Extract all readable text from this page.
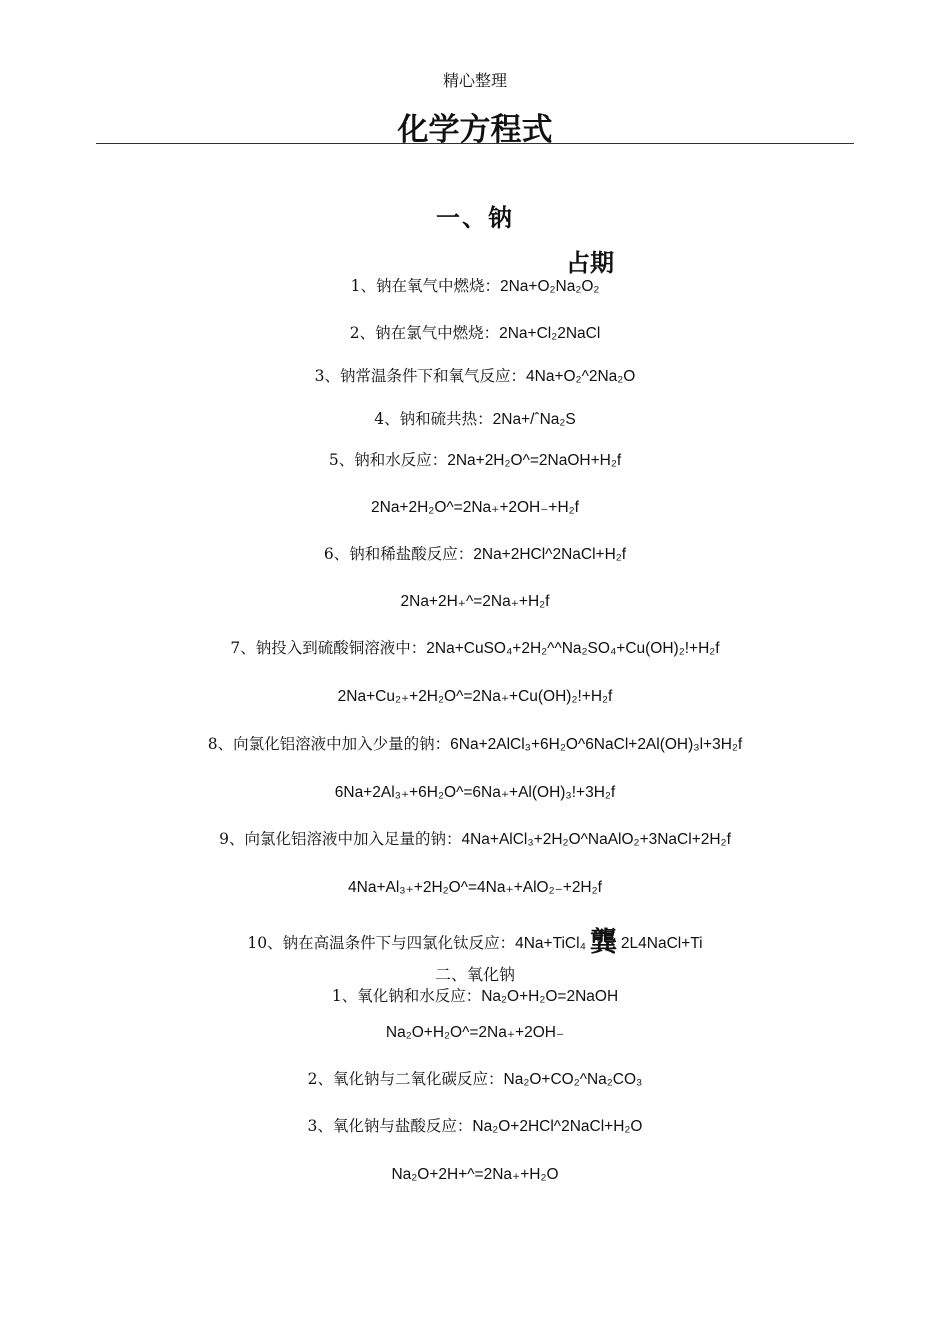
精心整理
化学方程式
一、钠
占期
1、钠在氧气中燃烧：2Na+O₂Na₂O₂
2、钠在氯气中燃烧：2Na+Cl₂2NaCl
3、钠常温条件下和氧气反应：4Na+O₂^2Na₂O
4、钠和硫共热：2Na+/ˆNa₂S
5、钠和水反应：2Na+2H₂O^=2NaOH+H₂f
2Na+2H₂O^=2Na₊+2OH₋+H₂f
6、钠和稀盐酸反应：2Na+2HCl^2NaCl+H₂f
2Na+2H₊^=2Na₊+H₂f
7、钠投入到硫酸铜溶液中：2Na+CuSO₄+2H₂^^Na₂SO₄+Cu(OH)₂!+H₂f
2Na+Cu₂₊+2H₂O^=2Na₊+Cu(OH)₂!+H₂f
8、向氯化铝溶液中加入少量的钠：6Na+2AlCl₃+6H₂O^6NaCl+2Al(OH)₃l+3H₂f
6Na+2Al₃₊+6H₂O^=6Na₊+Al(OH)₃!+3H₂f
9、向氯化铝溶液中加入足量的钠：4Na+AlCl₃+2H₂O^NaAlO₂+3NaCl+2H₂f
4Na+Al₃₊+2H₂O^=4Na₊+AlO₂₋+2H₂f
10、钠在高温条件下与四氯化钛反应：4Na+TiCl₄ 龔 2L4NaCl+Ti
二、氧化钠
1、氧化钠和水反应：Na₂O+H₂O=2NaOH
Na₂O+H₂O^=2Na₊+2OH₋
2、氧化钠与二氧化碳反应：Na₂O+CO₂^Na₂CO₃
3、氧化钠与盐酸反应：Na₂O+2HCl^2NaCl+H₂O
Na₂O+2H+^=2Na₊+H₂O
